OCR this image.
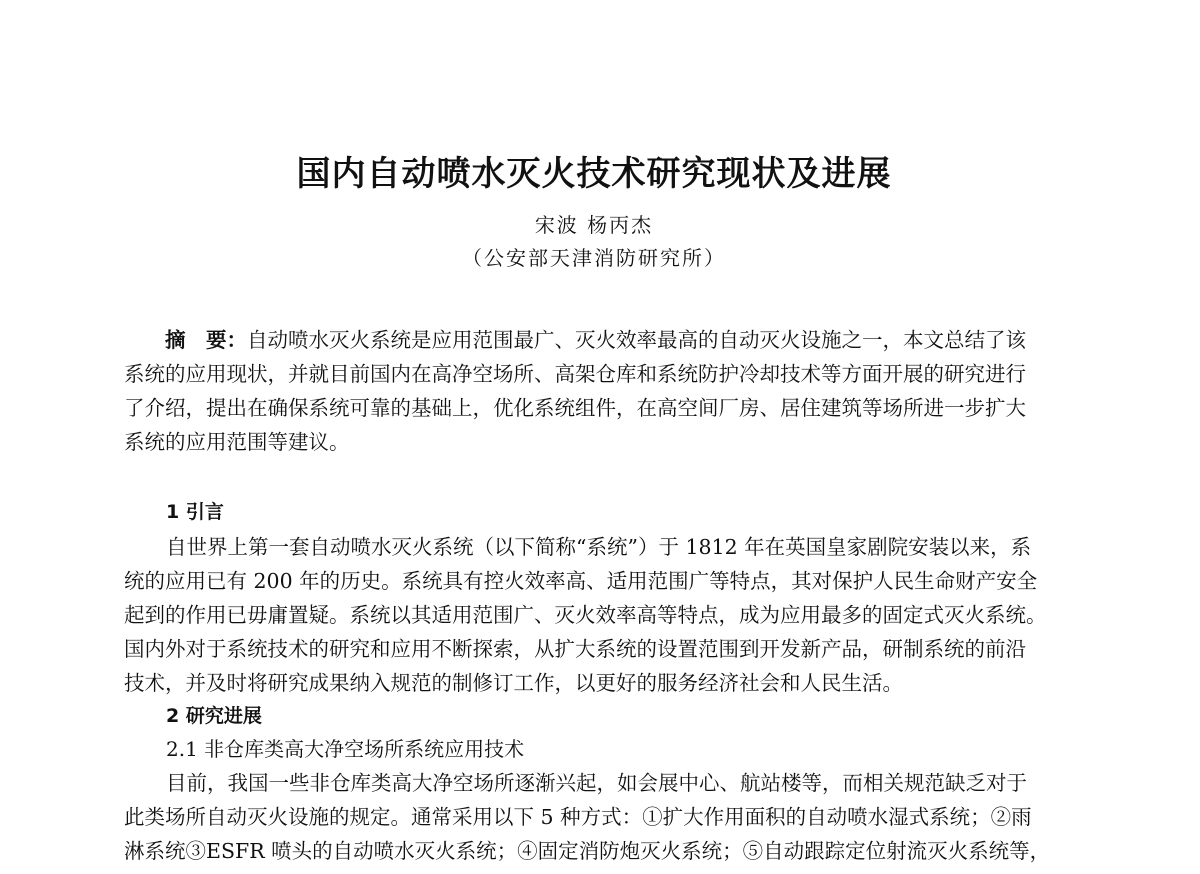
国内自动喷水灭火技术研究现状及进展
宋波 杨丙杰
（公安部天津消防研究所）
摘　要：自动喷水灭火系统是应用范围最广、灭火效率最高的自动灭火设施之一，本文总结了该
系统的应用现状，并就目前国内在高净空场所、高架仓库和系统防护冷却技术等方面开展的研究进行
了介绍，提出在确保系统可靠的基础上，优化系统组件，在高空间厂房、居住建筑等场所进一步扩大
系统的应用范围等建议。
1 引言
自世界上第一套自动喷水灭火系统（以下简称“系统”）于 1812 年在英国皇家剧院安装以来，系
统的应用已有 200 年的历史。系统具有控火效率高、适用范围广等特点，其对保护人民生命财产安全
起到的作用已毋庸置疑。系统以其适用范围广、灭火效率高等特点，成为应用最多的固定式灭火系统。
国内外对于系统技术的研究和应用不断探索，从扩大系统的设置范围到开发新产品，研制系统的前沿
技术，并及时将研究成果纳入规范的制修订工作，以更好的服务经济社会和人民生活。
2 研究进展
2.1 非仓库类高大净空场所系统应用技术
目前，我国一些非仓库类高大净空场所逐渐兴起，如会展中心、航站楼等，而相关规范缺乏对于
此类场所自动灭火设施的规定。通常采用以下 5 种方式：①扩大作用面积的自动喷水湿式系统；②雨
淋系统③ESFR 喷头的自动喷水灭火系统；④固定消防炮灭火系统；⑤自动跟踪定位射流灭火系统等，
